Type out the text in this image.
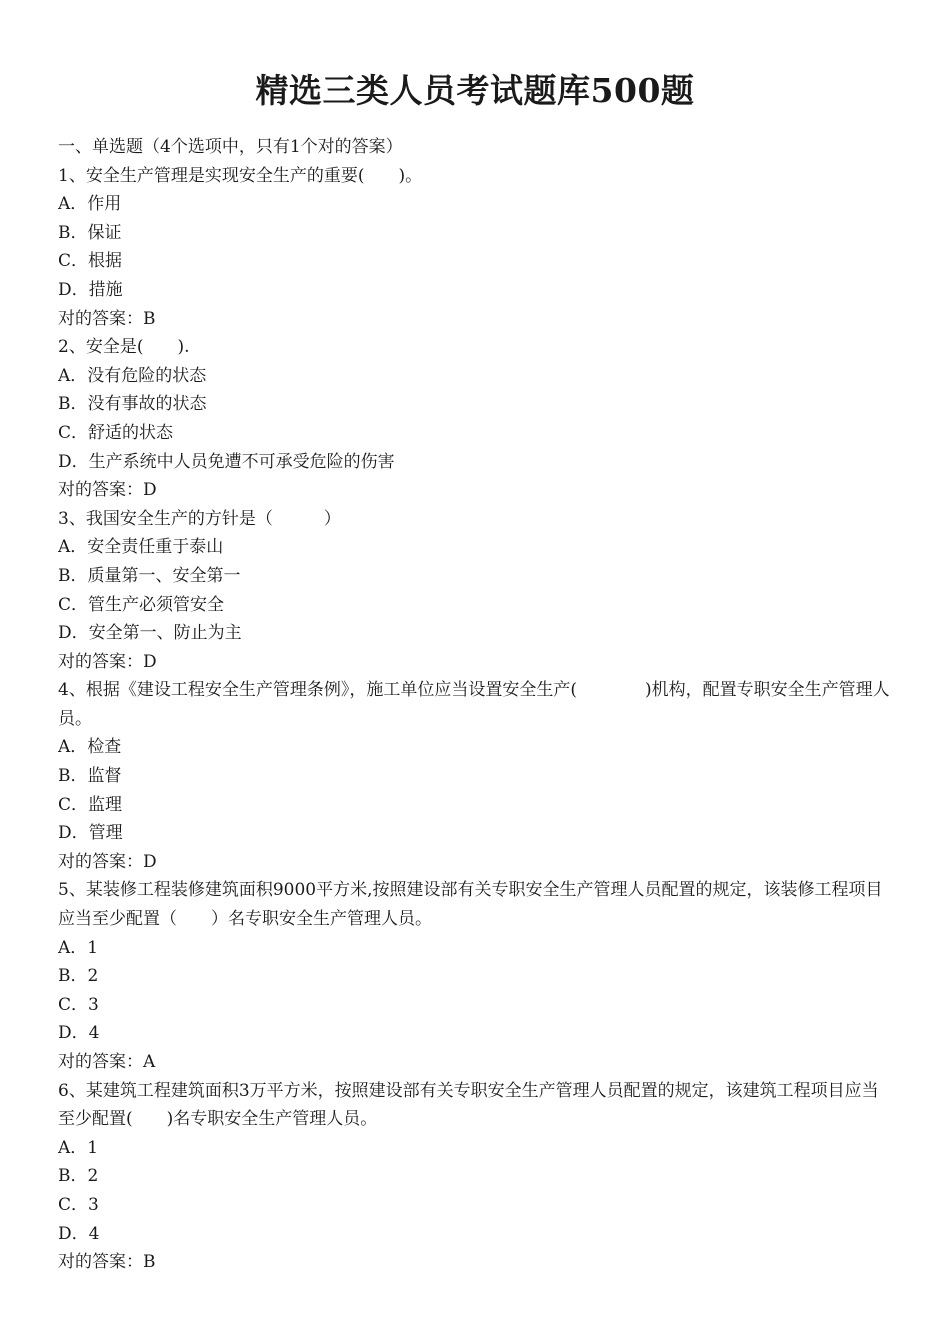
精选三类人员考试题库500题
一、单选题（4个选项中，只有1个对的答案）
1、安全生产管理是实现安全生产的重要(　　)。
A．作用
B．保证
C．根据
D．措施
对的答案：B
2、安全是(　　).
A．没有危险的状态
B．没有事故的状态
C．舒适的状态
D．生产系统中人员免遭不可承受危险的伤害
对的答案：D
3、我国安全生产的方针是（　　　）
A．安全责任重于泰山
B．质量第一、安全第一
C．管生产必须管安全
D．安全第一、防止为主
对的答案：D
4、根据《建设工程安全生产管理条例》，施工单位应当设置安全生产(　　　　)机构，配置专职安全生产管理人员。
A．检查
B．监督
C．监理
D．管理
对的答案：D
5、某装修工程装修建筑面积9000平方米,按照建设部有关专职安全生产管理人员配置的规定，该装修工程项目应当至少配置（　　）名专职安全生产管理人员。
A．1
B．2
C．3
D．4
对的答案：A
6、某建筑工程建筑面积3万平方米，按照建设部有关专职安全生产管理人员配置的规定，该建筑工程项目应当至少配置(　　)名专职安全生产管理人员。
A．1
B．2
C．3
D．4
对的答案：B
